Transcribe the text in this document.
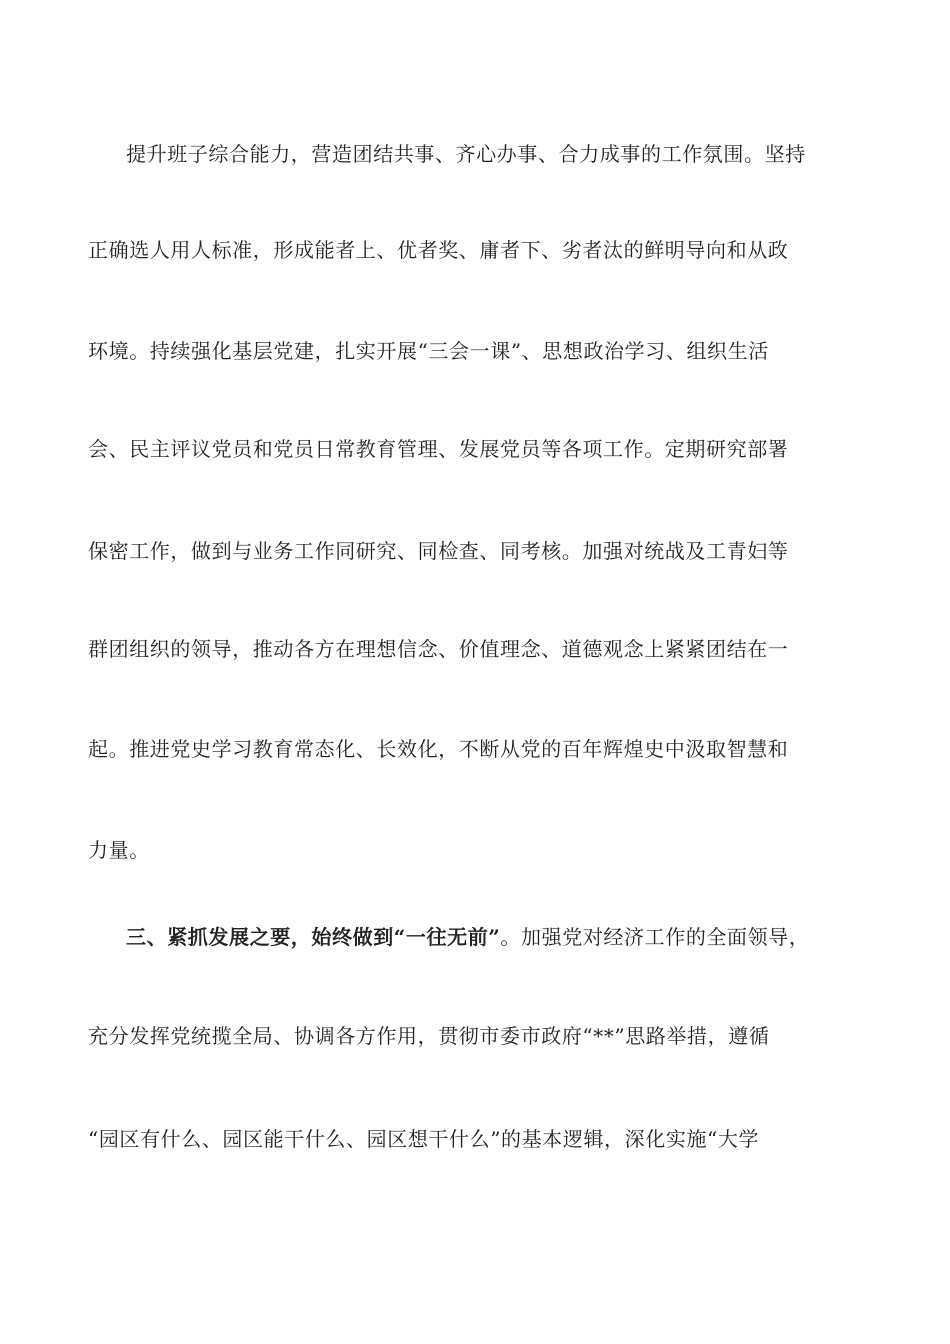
提升班子综合能力，营造团结共事、齐心办事、合力成事的工作氛围。坚持
正确选人用人标准，形成能者上、优者奖、庸者下、劣者汰的鲜明导向和从政
环境。持续强化基层党建，扎实开展“三会一课”、思想政治学习、组织生活
会、民主评议党员和党员日常教育管理、发展党员等各项工作。定期研究部署
保密工作，做到与业务工作同研究、同检查、同考核。加强对统战及工青妇等
群团组织的领导，推动各方在理想信念、价值理念、道德观念上紧紧团结在一
起。推进党史学习教育常态化、长效化，不断从党的百年辉煌史中汲取智慧和
力量。
三、紧抓发展之要，始终做到“一往无前”。加强党对经济工作的全面领导，
充分发挥党统揽全局、协调各方作用，贯彻市委市政府“**”思路举措，遵循
“园区有什么、园区能干什么、园区想干什么”的基本逻辑，深化实施“大学
